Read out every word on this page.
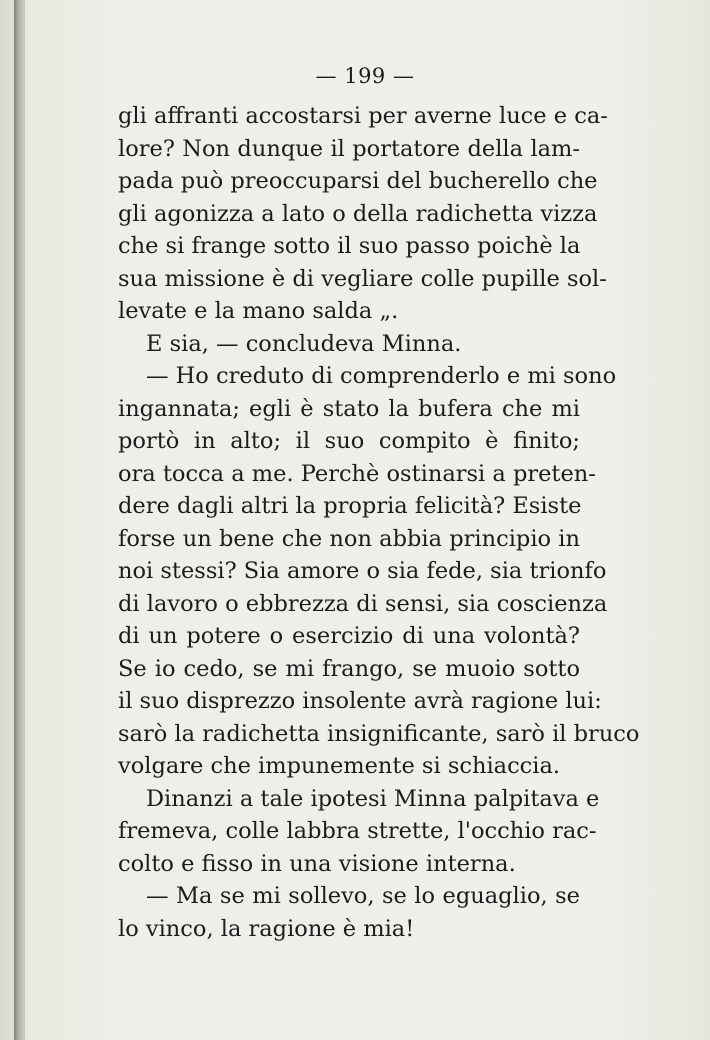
— 199 —
gli affranti accostarsi per averne luce e ca-
lore? Non dunque il portatore della lam-
pada può preoccuparsi del bucherello che
gli agonizza a lato o della radichetta vizza
che si frange sotto il suo passo poichè la
sua missione è di vegliare colle pupille sol-
levate e la mano salda „.
E sia, — concludeva Minna.
— Ho creduto di comprenderlo e mi sono
ingannata; egli è stato la bufera che mi
portò in alto; il suo compito è finito;
ora tocca a me. Perchè ostinarsi a preten-
dere dagli altri la propria felicità? Esiste
forse un bene che non abbia principio in
noi stessi? Sia amore o sia fede, sia trionfo
di lavoro o ebbrezza di sensi, sia coscienza
di un potere o esercizio di una volontà?
Se io cedo, se mi frango, se muoio sotto
il suo disprezzo insolente avrà ragione lui:
sarò la radichetta insignificante, sarò il bruco
volgare che impunemente si schiaccia.
Dinanzi a tale ipotesi Minna palpitava e
fremeva, colle labbra strette, l'occhio rac-
colto e fisso in una visione interna.
— Ma se mi sollevo, se lo eguaglio, se
lo vinco, la ragione è mia!
